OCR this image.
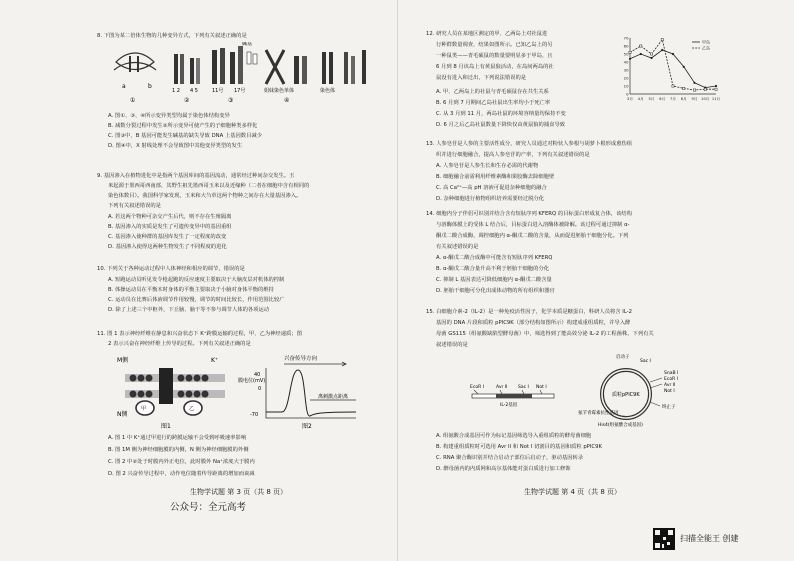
8. 下图为某二倍体生物的几种变异方式，下列有关叙述正确的是
a	b
①
1 2 4 5
②
11号 17号
碱基
③
姐妹染色单体
④
染色体
A. 图①、③、④所示变异类型均属于染色体结构变异
B. 减数分裂过程中发生②所示变异可使产生的子细胞种类多样化
C. 图③中，B 基因可能发生碱基的缺失导致 DNA 上基因数目减少
D. 图④中，X 射线处理不会导致图中其他变异类型的发生
9. 基因渗入在植物进化中是指两个基因库间的基因流动，通常经过种间杂交发生。玉
米起源于墨西哥西南部，其野生祖先墨西哥玉米以及近缘种（二者在细胞中含有相同的
染色体数目）。我国科学家发现，玉米和大刍草这两个物种之间存在大量基因渗入。
下列有关叙述错误的是
A. 若这两个物种可杂交产生后代，则不存在生殖隔离
B. 基因渗入的实质是发生了可遗传变异中的基因重组
C. 基因渗入使种群的基因库发生了一定程度的改变
D. 基因渗入使得这两种生物发生了不同程度的进化
10. 下列关于各种运动过程中人体神经和相应的调节，错误的是
A. 短跑运动员听见发令枪起跑的反应速度主要取决于大脑皮层对机体的控制
B. 体操运动员在平衡木时身体的平衡主要取决于小脑对身体平衡的维持
C. 运动员在比赛后体液调节作用较慢，调节的时间比较长，作用范围比较广
D. 除了上述三个中枢外，下丘脑、脑干等不参与调节人体的各项运动
11. 图 1 表示神经纤维在静息和兴奋状态下 K⁺跨膜运输的过程，甲、乙为神经递质；图
2 表示兴奋在神经纤维上传导的过程。下列有关叙述正确的是
M侧
N侧
K⁺
图1
甲	乙
兴奋传导方向
膜电位(mV)
40
0
-70
离刺激点距离
图2
A. 图 1 中 K⁺通过甲进行的跨膜运输不会受到呼吸速率影响
B. 图 1M 侧为神经细胞膜的内侧，N 侧为神经细胞膜的外侧
C. 图 2 中②处于时膜内外正电位，此时膜外 Na⁺浓度大于膜内
D. 图 2 兴奋传导过程中，动作电位随着传导距离的增加而衰减
生物学试题 第 3 页（共 8 页）
公众号：全元高考
12. 研究人员在某地区测定的甲、乙两岛上对社鼠进
行种群数量调查，结果如图所示。已知乙岛上的另
一种鼠类——青毛硕鼠的数量要明显多于甲岛，且
6 月到 8 月该岛上有黄鼠狼活动，在岛间两岛的社
鼠没有进入和迁出，下列说法错误的是
0
10
20
30
40
50
60
70
3月 4月 5月 6月 7月 8月 9月 10月 11月
甲岛
乙岛
A. 甲、乙两岛上的社鼠与青毛硕鼠存在共生关系
B. 6 月到 7 月期间乙岛社鼠出生率均小于死亡率
C. 从 3 月到 11 月，两岛社鼠的环境容纳量均保持不变
D. 6 月之后乙岛社鼠数量下降快仅由黄鼠狼的捕食导致
13. 人参皂苷是人参的主要活性成分，研究人员通过对粉状人参根与胡萝卜根形成愈伤组
织并进行细胞融合，提高人参皂苷的产率，下列有关叙述错误的是
A. 人参皂苷是人参生长和生存必需的代谢物
B. 细胞融合前需利用纤维素酶和果胶酶去除细胞壁
C. 高 Ca²⁺—高 pH 溶液可促进杂种细胞的融合
D. 杂种细胞进行植物组织培养需要经过脱分化
14. 细胞内分子伴侣可识别并结合含有短肽序列 KFERQ 的目标蛋白形成复合体，该结构
与溶酶体膜上的受体 L 结合后，目标蛋白进入溶酶体被降解。该过程可通过抑制 α-
酮戊二酸合成酶，调控细胞内 α-酮戊二酸的含量，从而促进胚胎干细胞分化。下列
有关叙述错误的是
A. α-酮戊二酸合成酶中可能含有短肽序列 KFERQ
B. α-酮戊二酸合量升高不利于胚胎干细胞的分化
C. 抑制 L 基因表达可降低细胞内 α-酮戊二酸含量
D. 胚胎干细胞可分化出成体动物的所有组织和器官
15. 白细胞介素-2（IL-2）是一种免疫活性因子，化学本质是糖蛋白，科研人员将含 IL-2
基因的 DNA 片段和质粒 pPIC9K（部分结构如图所示）构建成重组质粒，并导入酵
母菌 GS115（组氨酸缺陷型酵母菌）中，筛选得到了能高效分泌 IL-2 的工程菌株，下列有关
叙述错误的是
EcoR I	Avr II Sac I Not I
IL-2基因
质粒pPIC9K
启动子
Sac I
SnaB I
EcoR I
Avr II
Not I
终止子
氨苄青霉素抗性基因
His4(组氨酸合成基因)
A. 组氨酸合成基因可作为标记基因筛选导入重组质粒的酵母菌细胞
B. 构建重组质粒时可选用 Avr II 和 Not I 切割目的基因和质粒 pPIC9K
C. RNA 聚合酶识别并结合启动子部位后启动子，驱动基因转录
D. 酵母菌内的内质网和高尔基体能对蛋白质进行加工修饰
生物学试题 第 4 页（共 8 页）
扫描全能王 创建
